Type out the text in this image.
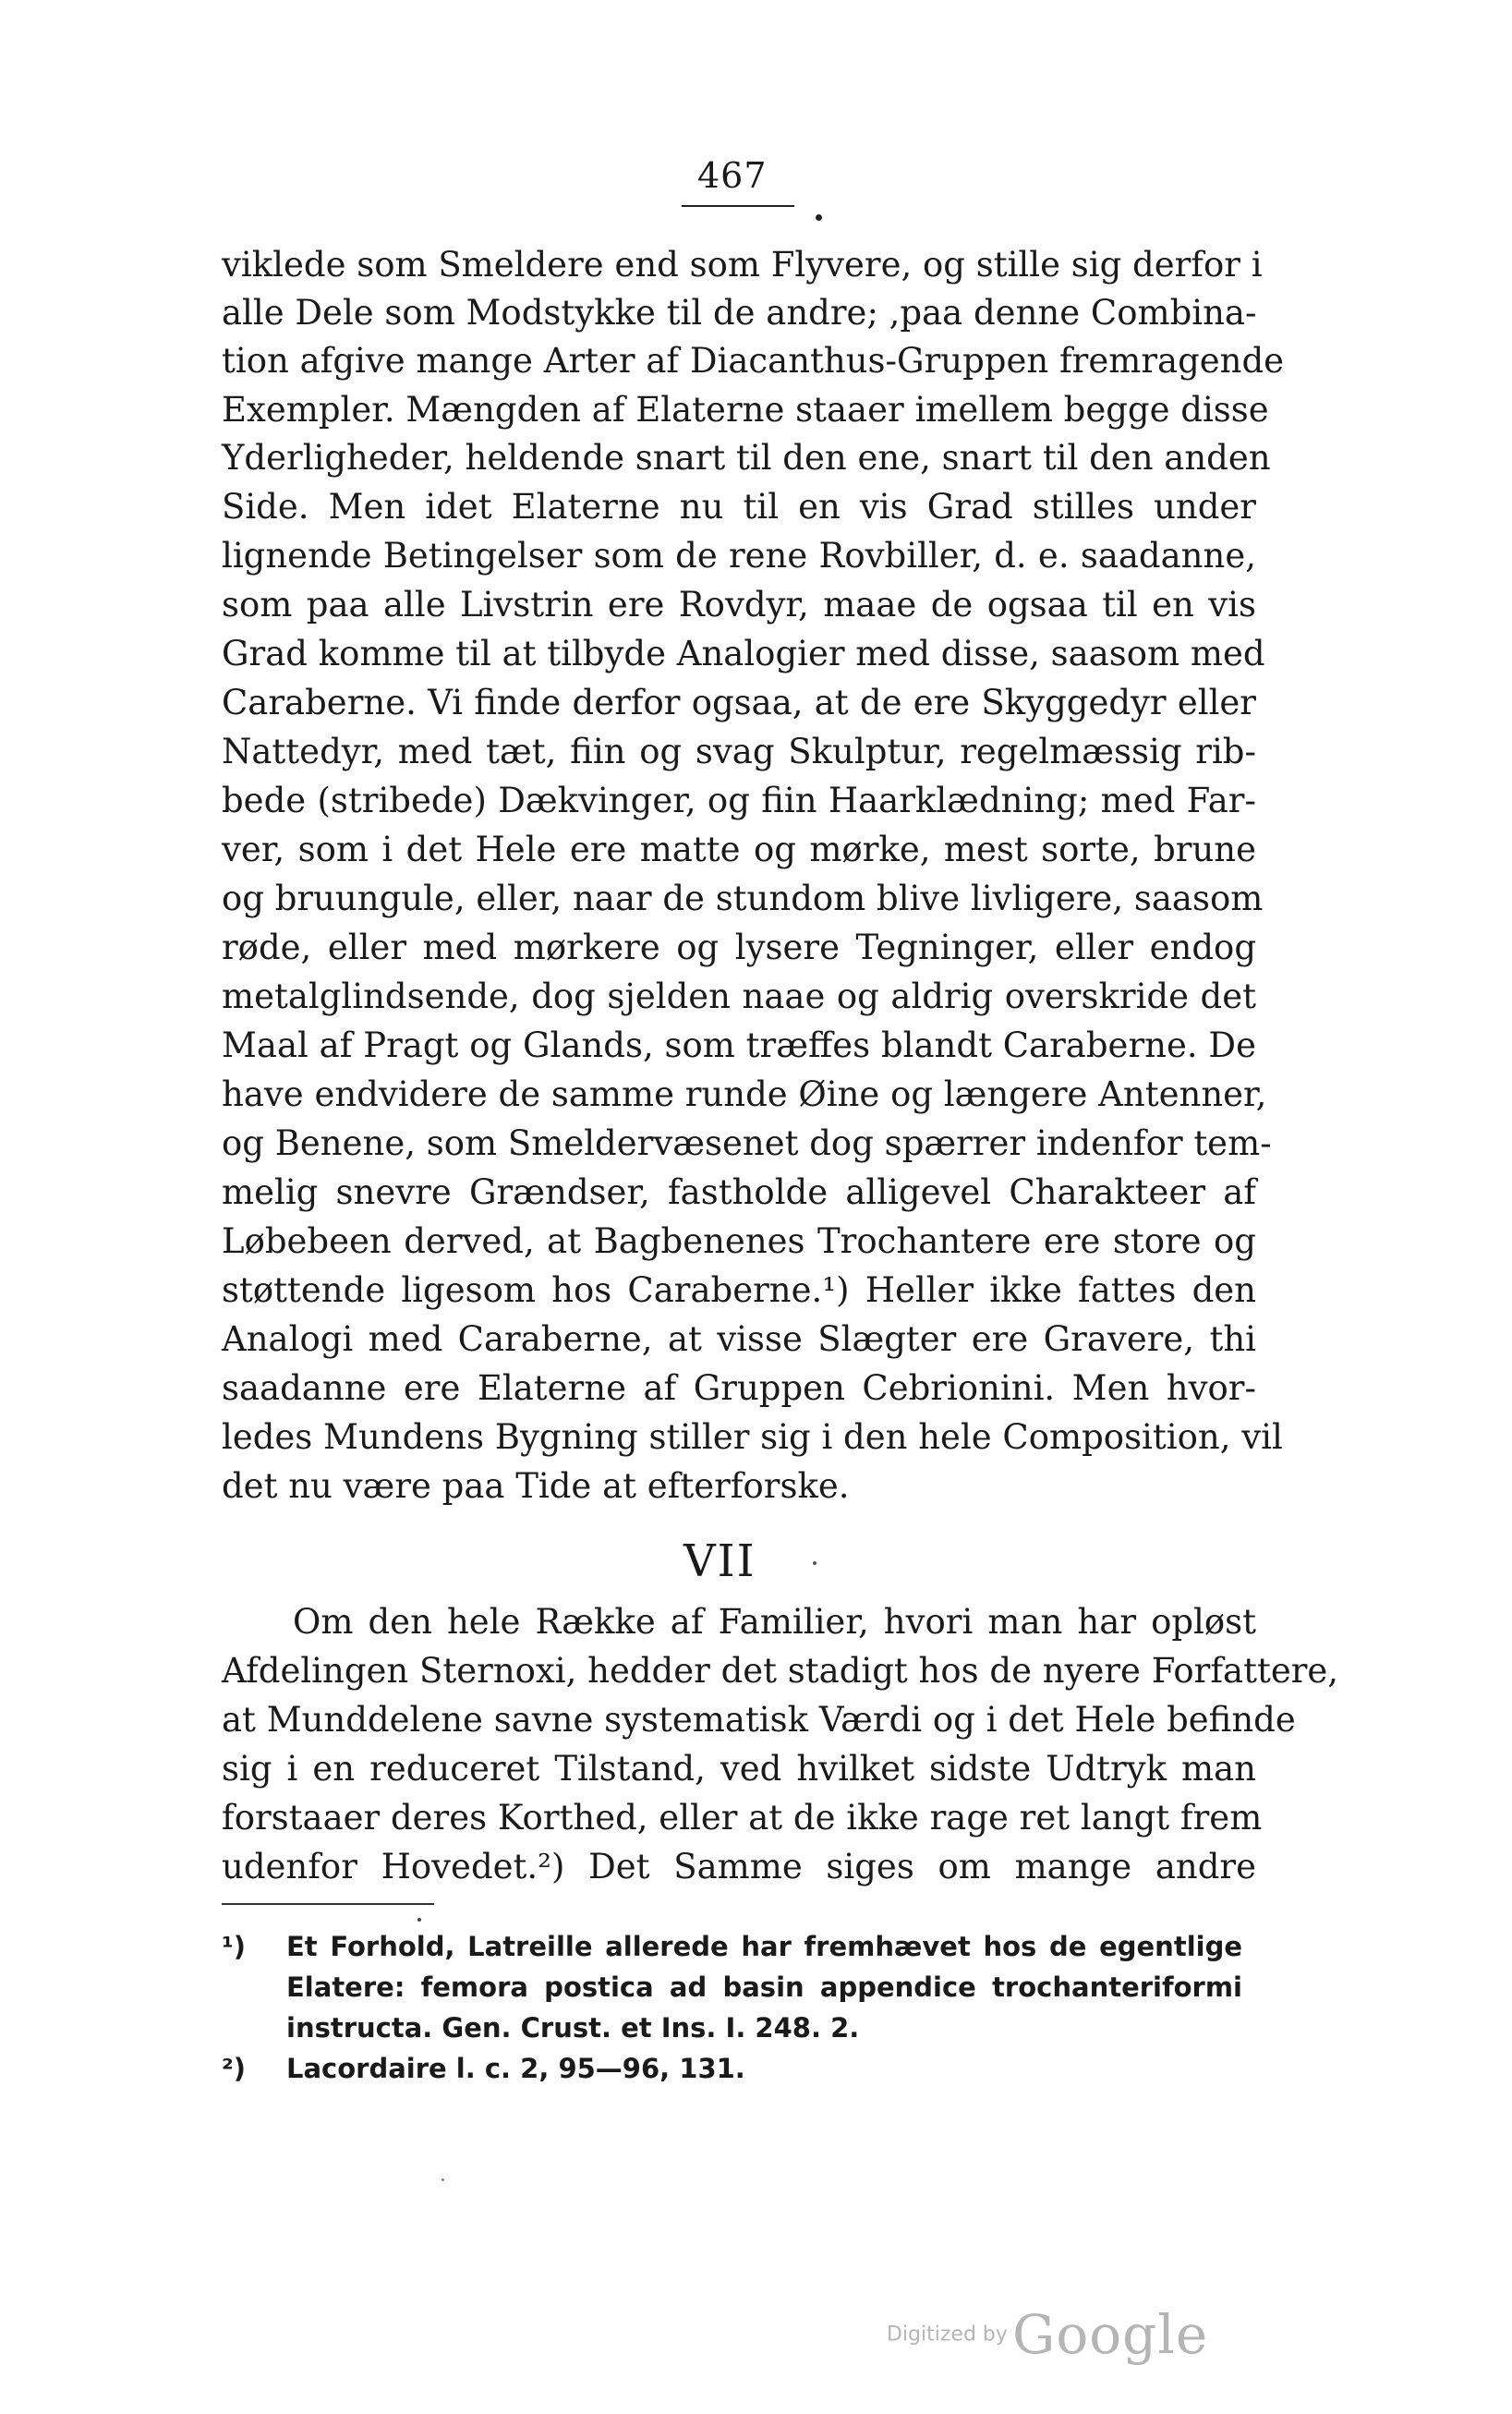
467
viklede som Smeldere end som Flyvere, og stille sig derfor i
alle Dele som Modstykke til de andre; ,paa denne Combina-
tion afgive mange Arter af Diacanthus-Gruppen fremragende
Exempler. Mængden af Elaterne staaer imellem begge disse
Yderligheder, heldende snart til den ene, snart til den anden
Side. Men idet Elaterne nu til en vis Grad stilles under
lignende Betingelser som de rene Rovbiller, d. e. saadanne,
som paa alle Livstrin ere Rovdyr, maae de ogsaa til en vis
Grad komme til at tilbyde Analogier med disse, saasom med
Caraberne. Vi finde derfor ogsaa, at de ere Skyggedyr eller
Nattedyr, med tæt, fiin og svag Skulptur, regelmæssig rib-
bede (stribede) Dækvinger, og fiin Haarklædning; med Far-
ver, som i det Hele ere matte og mørke, mest sorte, brune
og bruungule, eller, naar de stundom blive livligere, saasom
røde, eller med mørkere og lysere Tegninger, eller endog
metalglindsende, dog sjelden naae og aldrig overskride det
Maal af Pragt og Glands, som træffes blandt Caraberne. De
have endvidere de samme runde Øine og længere Antenner,
og Benene, som Smeldervæsenet dog spærrer indenfor tem-
melig snevre Grændser, fastholde alligevel Charakteer af
Løbebeen derved, at Bagbenenes Trochantere ere store og
støttende ligesom hos Caraberne.¹) Heller ikke fattes den
Analogi med Caraberne, at visse Slægter ere Gravere, thi
saadanne ere Elaterne af Gruppen Cebrionini. Men hvor-
ledes Mundens Bygning stiller sig i den hele Composition, vil
det nu være paa Tide at efterforske.
VII
Om den hele Række af Familier, hvori man har opløst
Afdelingen Sternoxi, hedder det stadigt hos de nyere Forfattere,
at Munddelene savne systematisk Værdi og i det Hele befinde
sig i en reduceret Tilstand, ved hvilket sidste Udtryk man
forstaaer deres Korthed, eller at de ikke rage ret langt frem
udenfor Hovedet.²) Det Samme siges om mange andre
¹) Et Forhold, Latreille allerede har fremhævet hos de egentlige
Elatere: femora postica ad basin appendice trochanteriformi
instructa. Gen. Crust. et Ins. I. 248. 2.
²) Lacordaire l. c. 2, 95—96, 131.
Digitized by Google
